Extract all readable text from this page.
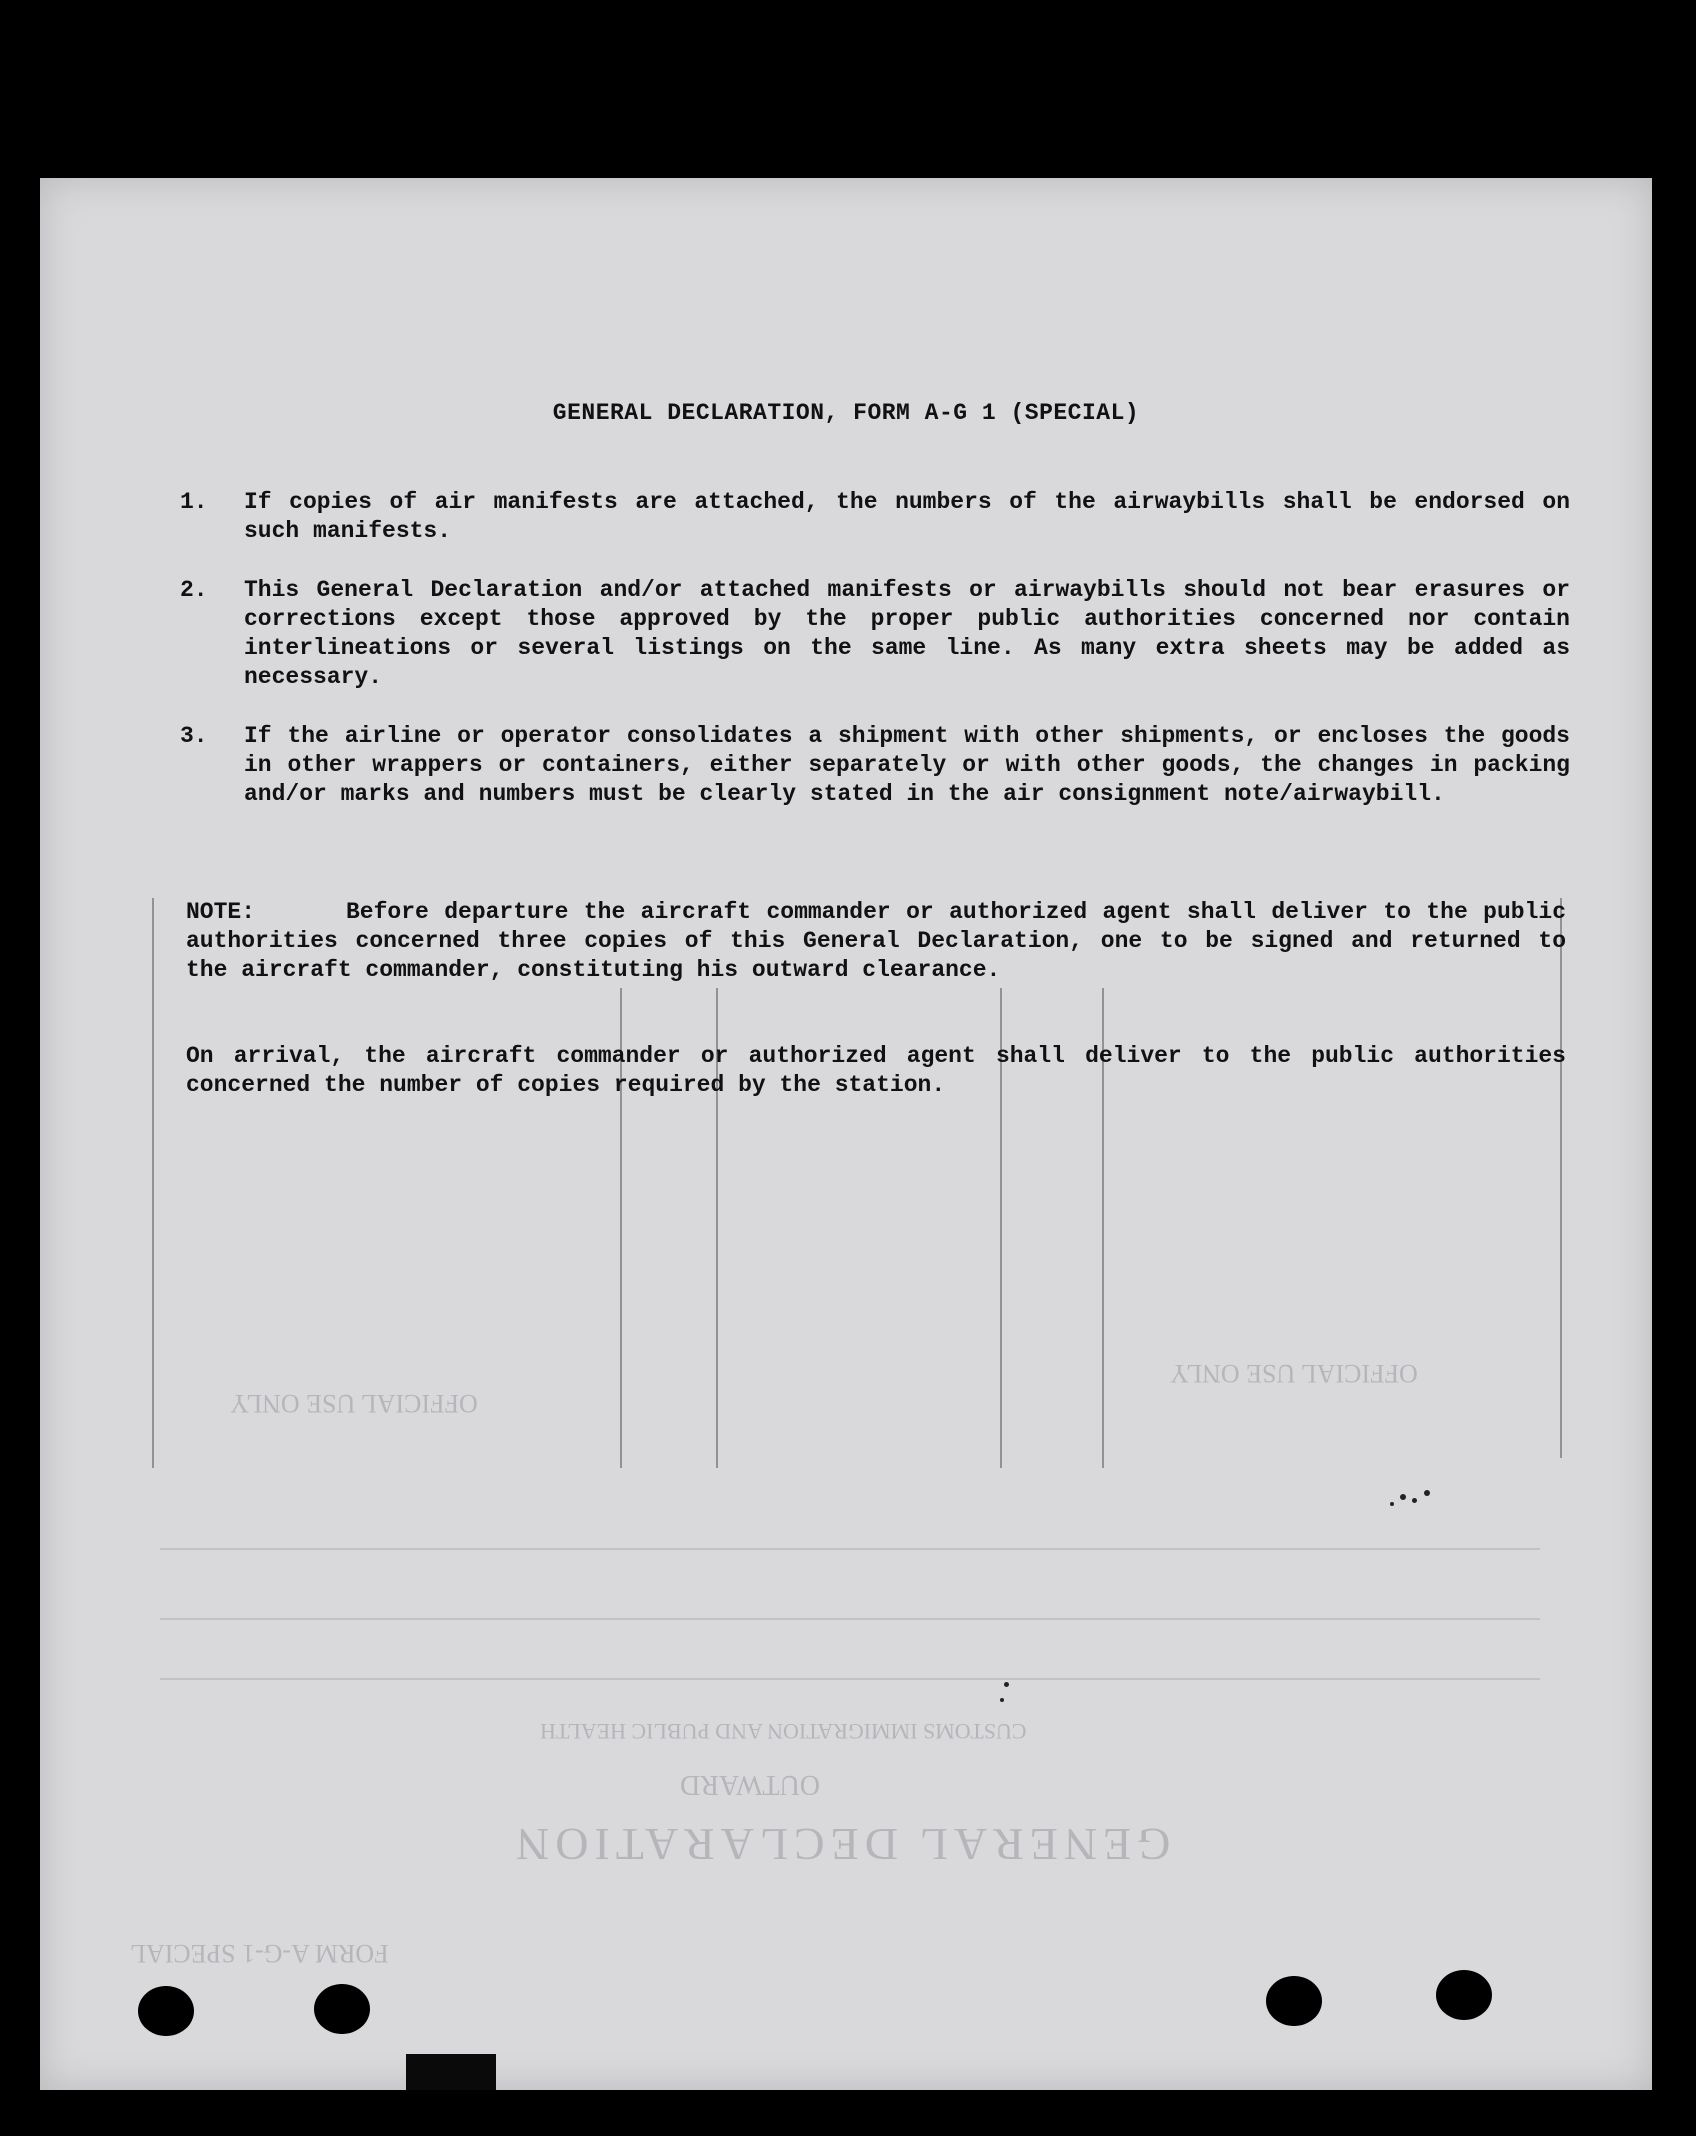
GENERAL DECLARATION
OUTWARD
CUSTOMS IMMIGRATION AND PUBLIC HEALTH
FORM A-G-1 SPECIAL
OFFICIAL USE ONLY
OFFICIAL USE ONLY
GENERAL DECLARATION, FORM A-G 1 (SPECIAL)
1.	If copies of air manifests are attached, the numbers of the airwaybills shall be endorsed on such manifests.
2.	This General Declaration and/or attached manifests or airwaybills should not bear erasures or corrections except those approved by the proper public authorities concerned nor contain interlineations or several listings on the same line. As many extra sheets may be added as necessary.
3.	If the airline or operator consolidates a shipment with other shipments, or encloses the goods in other wrappers or containers, either separately or with other goods, the changes in packing and/or marks and numbers must be clearly stated in the air consignment note/airwaybill.
NOTE:	Before departure the aircraft commander or authorized agent shall deliver to the public authorities concerned three copies of this General Declaration, one to be signed and returned to the aircraft commander, constituting his outward clearance.
On arrival, the aircraft commander or authorized agent shall deliver to the public authorities concerned the number of copies required by the station.
